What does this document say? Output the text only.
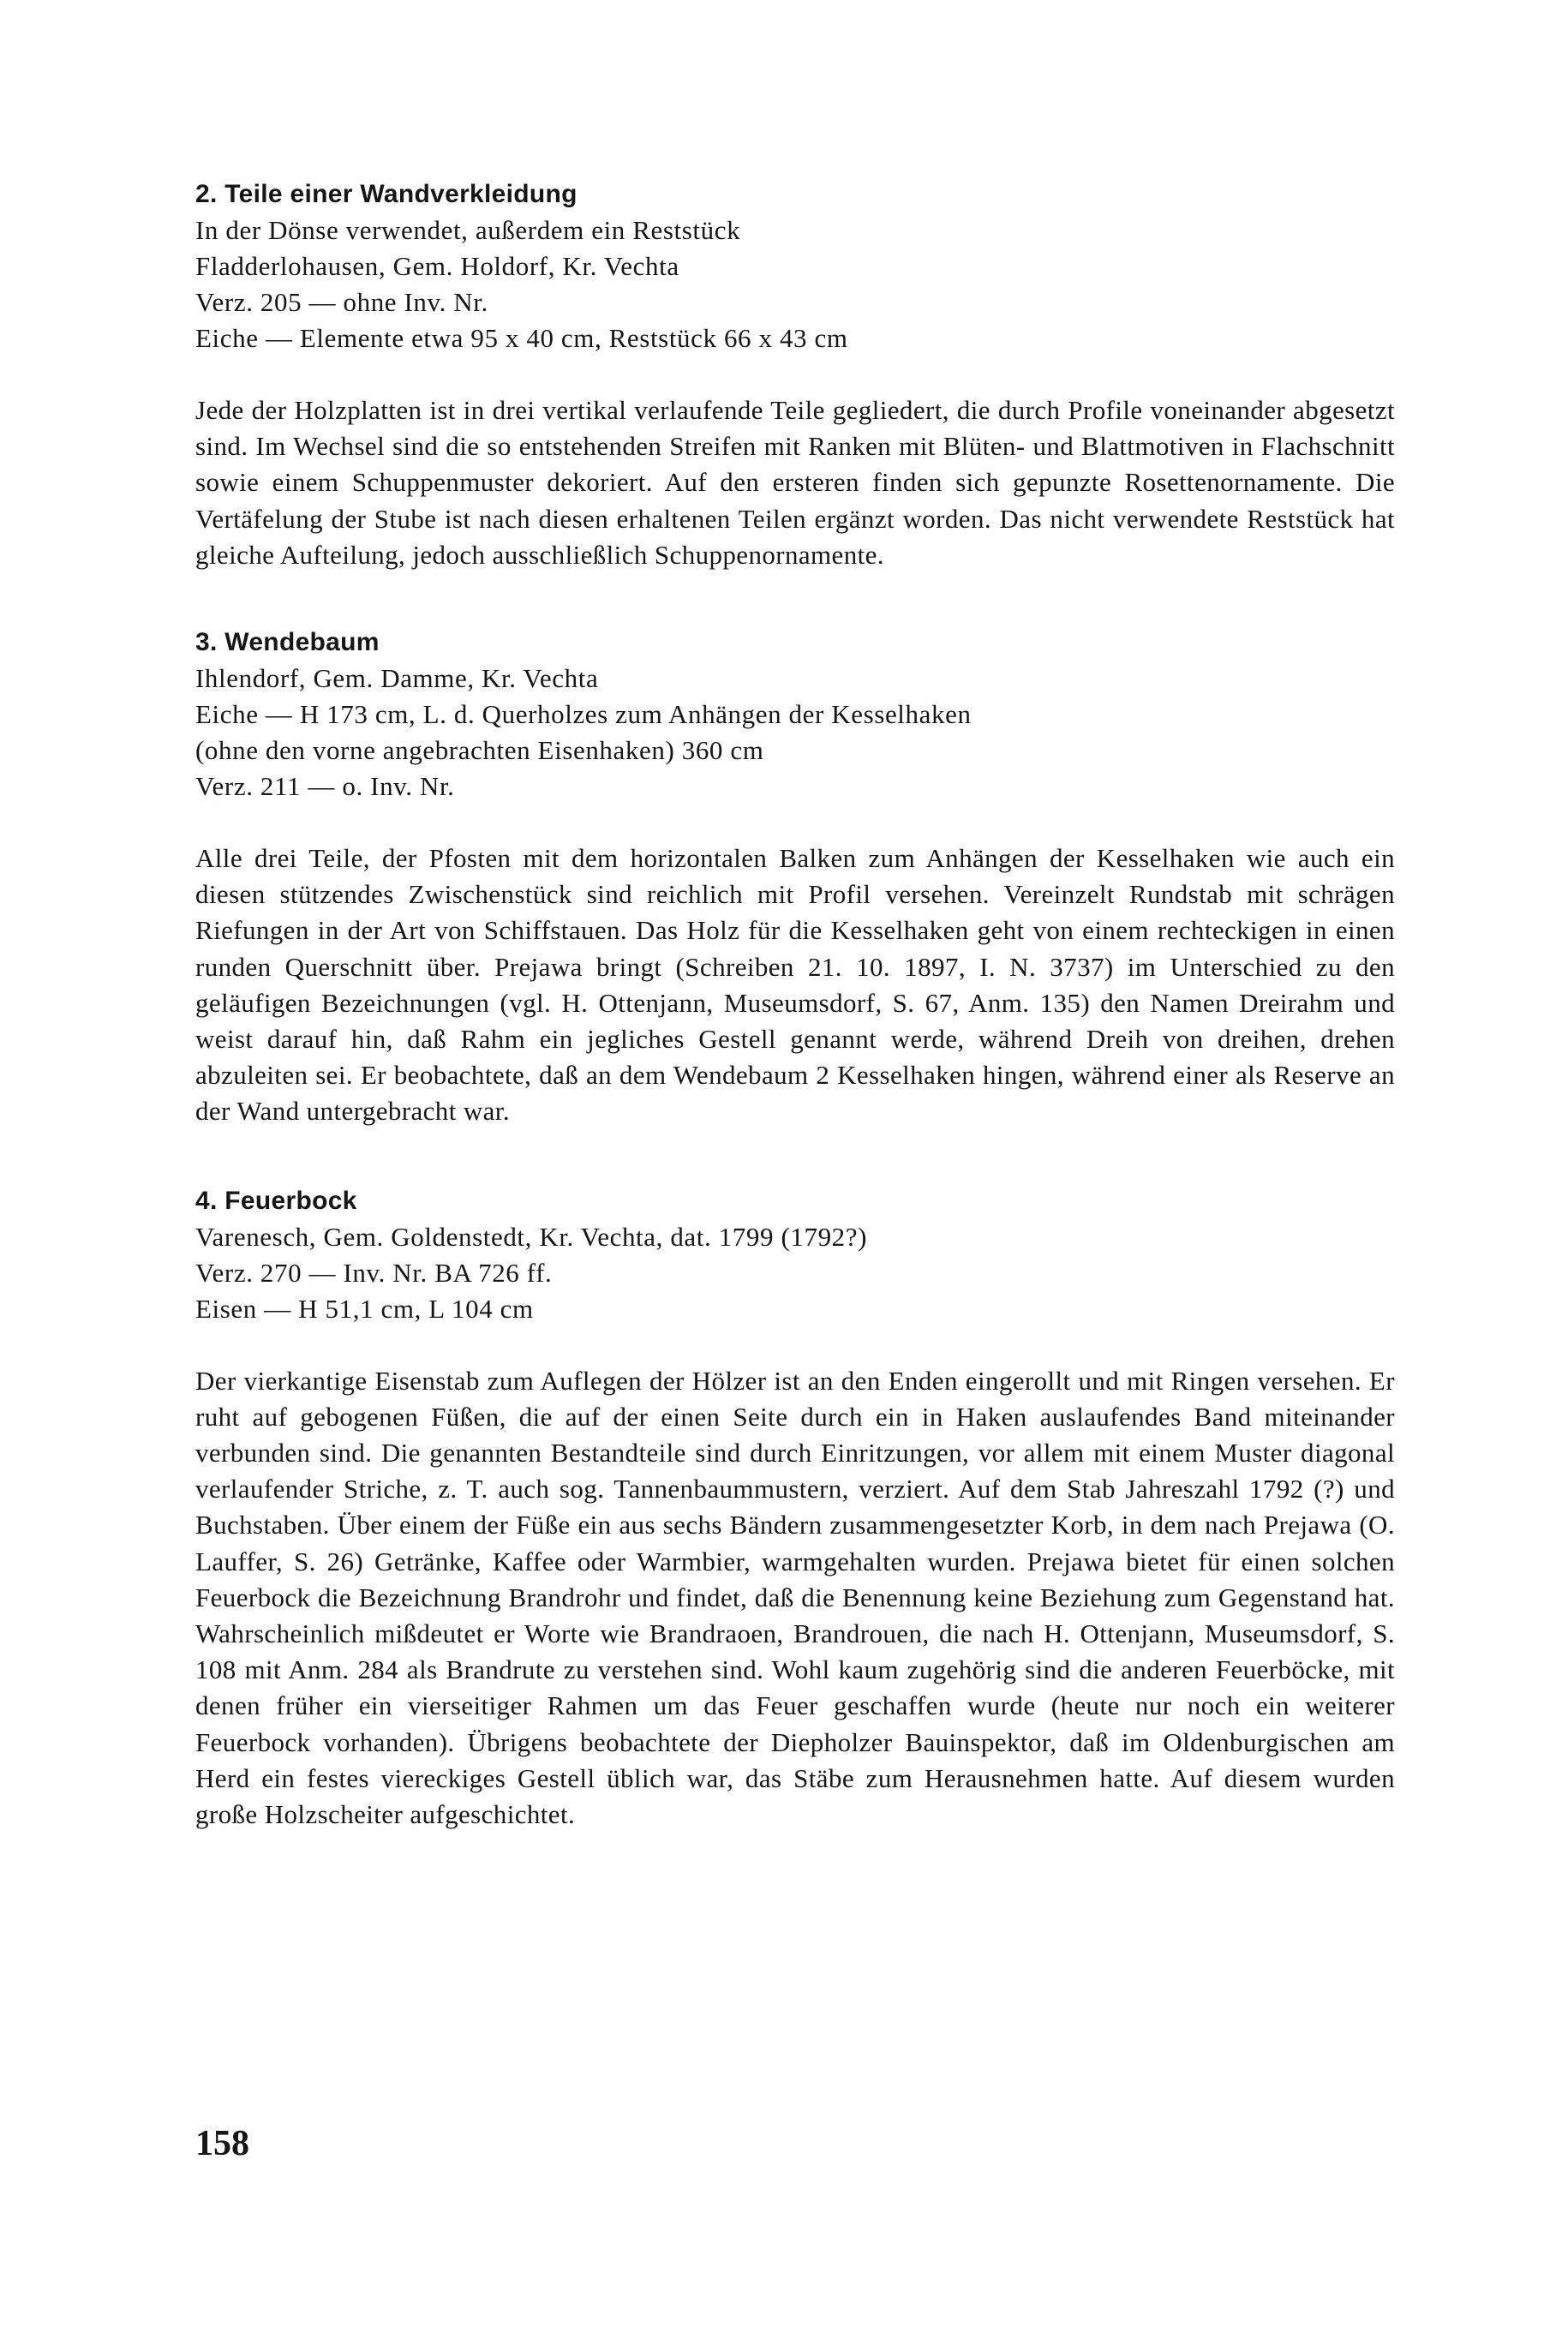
2. Teile einer Wandverkleidung
In der Dönse verwendet, außerdem ein Reststück
Fladderlohausen, Gem. Holdorf, Kr. Vechta
Verz. 205 — ohne Inv. Nr.
Eiche — Elemente etwa 95 x 40 cm, Reststück 66 x 43 cm

Jede der Holzplatten ist in drei vertikal verlaufende Teile gegliedert, die durch Profile voneinander abgesetzt sind. Im Wechsel sind die so entstehenden Streifen mit Ranken mit Blüten- und Blattmotiven in Flachschnitt sowie einem Schuppenmuster dekoriert. Auf den ersteren finden sich gepunzte Rosettenornamente. Die Vertäfelung der Stube ist nach diesen erhaltenen Teilen ergänzt worden. Das nicht verwendete Reststück hat gleiche Aufteilung, jedoch ausschließlich Schuppenornamente.

3. Wendebaum
Ihlendorf, Gem. Damme, Kr. Vechta
Eiche — H 173 cm, L. d. Querholzes zum Anhängen der Kesselhaken
(ohne den vorne angebrachten Eisenhaken) 360 cm
Verz. 211 — o. Inv. Nr.

Alle drei Teile, der Pfosten mit dem horizontalen Balken zum Anhängen der Kesselhaken wie auch ein diesen stützendes Zwischenstück sind reichlich mit Profil versehen. Vereinzelt Rundstab mit schrägen Riefungen in der Art von Schiffstauen. Das Holz für die Kesselhaken geht von einem rechteckigen in einen runden Querschnitt über. Prejawa bringt (Schreiben 21. 10. 1897, I. N. 3737) im Unterschied zu den geläufigen Bezeichnungen (vgl. H. Ottenjann, Museumsdorf, S. 67, Anm. 135) den Namen Dreirahm und weist darauf hin, daß Rahm ein jegliches Gestell genannt werde, während Dreih von dreihen, drehen abzuleiten sei. Er beobachtete, daß an dem Wendebaum 2 Kesselhaken hingen, während einer als Reserve an der Wand untergebracht war.

4. Feuerbock
Varenesch, Gem. Goldenstedt, Kr. Vechta, dat. 1799 (1792?)
Verz. 270 — Inv. Nr. BA 726 ff.
Eisen — H 51,1 cm, L 104 cm

Der vierkantige Eisenstab zum Auflegen der Hölzer ist an den Enden eingerollt und mit Ringen versehen. Er ruht auf gebogenen Füßen, die auf der einen Seite durch ein in Haken auslaufendes Band miteinander verbunden sind. Die genannten Bestandteile sind durch Einritzungen, vor allem mit einem Muster diagonal verlaufender Striche, z. T. auch sog. Tannenbaummustern, verziert. Auf dem Stab Jahreszahl 1792 (?) und Buchstaben. Über einem der Füße ein aus sechs Bändern zusammengesetzter Korb, in dem nach Prejawa (O. Lauffer, S. 26) Getränke, Kaffee oder Warmbier, warmgehalten wurden. Prejawa bietet für einen solchen Feuerbock die Bezeichnung Brandrohr und findet, daß die Benennung keine Beziehung zum Gegenstand hat. Wahrscheinlich mißdeutet er Worte wie Brandraoen, Brandrouen, die nach H. Ottenjann, Museumsdorf, S. 108 mit Anm. 284 als Brandrute zu verstehen sind. Wohl kaum zugehörig sind die anderen Feuerböcke, mit denen früher ein vierseitiger Rahmen um das Feuer geschaffen wurde (heute nur noch ein weiterer Feuerbock vorhanden). Übrigens beobachtete der Diepholzer Bauinspektor, daß im Oldenburgischen am Herd ein festes viereckiges Gestell üblich war, das Stäbe zum Herausnehmen hatte. Auf diesem wurden große Holzscheiter aufgeschichtet.

158
